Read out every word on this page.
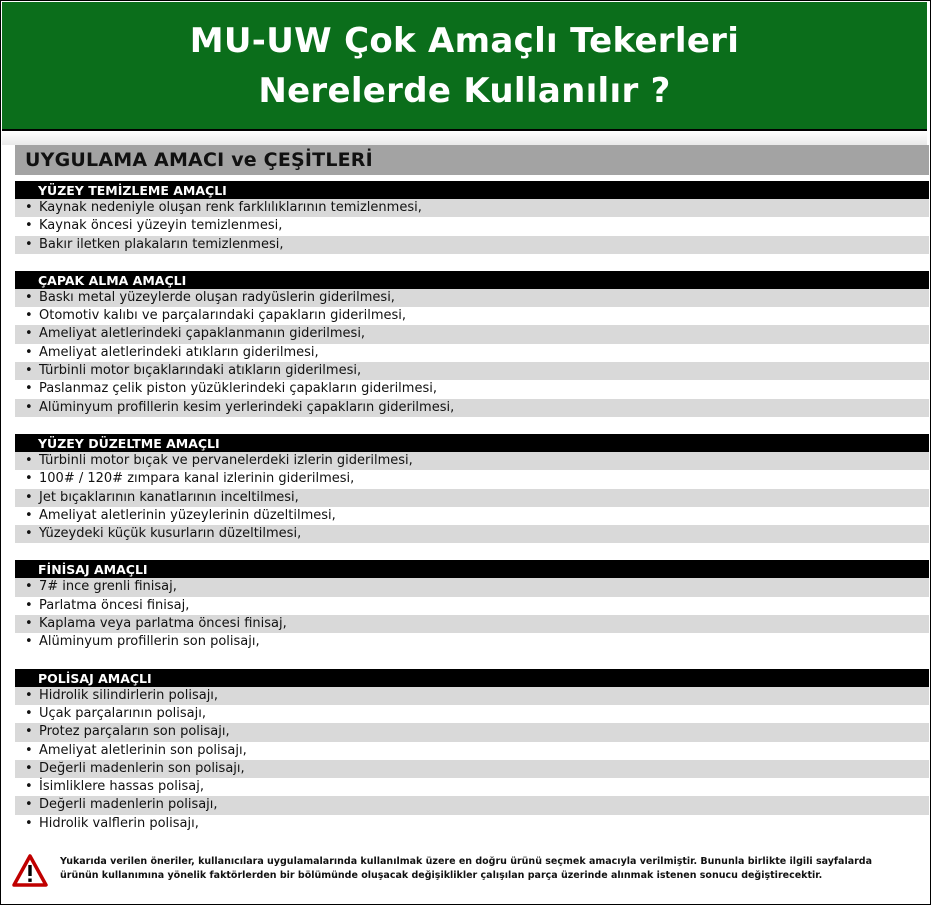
MU-UW Çok Amaçlı Tekerleri
Nerelerde Kullanılır ?
UYGULAMA AMACI ve ÇEŞİTLERİ
YÜZEY TEMİZLEME AMAÇLI
• Kaynak nedeniyle oluşan renk farklılıklarının temizlenmesi,
• Kaynak öncesi yüzeyin temizlenmesi,
• Bakır iletken plakaların temizlenmesi,
ÇAPAK ALMA AMAÇLI
• Baskı metal yüzeylerde oluşan radyüslerin giderilmesi,
• Otomotiv kalıbı ve parçalarındaki çapakların giderilmesi,
• Ameliyat aletlerindeki çapaklanmanın giderilmesi,
• Ameliyat aletlerindeki atıkların giderilmesi,
• Türbinli motor bıçaklarındaki atıkların giderilmesi,
• Paslanmaz çelik piston yüzüklerindeki çapakların giderilmesi,
• Alüminyum profillerin kesim yerlerindeki çapakların giderilmesi,
YÜZEY DÜZELTME AMAÇLI
• Türbinli motor bıçak ve pervanelerdeki izlerin giderilmesi,
• 100# / 120# zımpara kanal izlerinin giderilmesi,
• Jet bıçaklarının kanatlarının inceltilmesi,
• Ameliyat aletlerinin yüzeylerinin düzeltilmesi,
• Yüzeydeki küçük kusurların düzeltilmesi,
FİNİSAJ AMAÇLI
• 7# ince grenli finisaj,
• Parlatma öncesi finisaj,
• Kaplama veya parlatma öncesi finisaj,
• Alüminyum profillerin son polisajı,
POLİSAJ AMAÇLI
• Hidrolik silindirlerin polisajı,
• Uçak parçalarının polisajı,
• Protez parçaların son polisajı,
• Ameliyat aletlerinin son polisajı,
• Değerli madenlerin son polisajı,
• İsimliklere hassas polisaj,
• Değerli madenlerin polisajı,
• Hidrolik valflerin polisajı,
Yukarıda verilen öneriler, kullanıcılara uygulamalarında kullanılmak üzere en doğru ürünü seçmek amacıyla verilmiştir. Bununla birlikte ilgili sayfalarda
ürünün kullanımına yönelik faktörlerden bir bölümünde oluşacak değişiklikler çalışılan parça üzerinde alınmak istenen sonucu değiştirecektir.
